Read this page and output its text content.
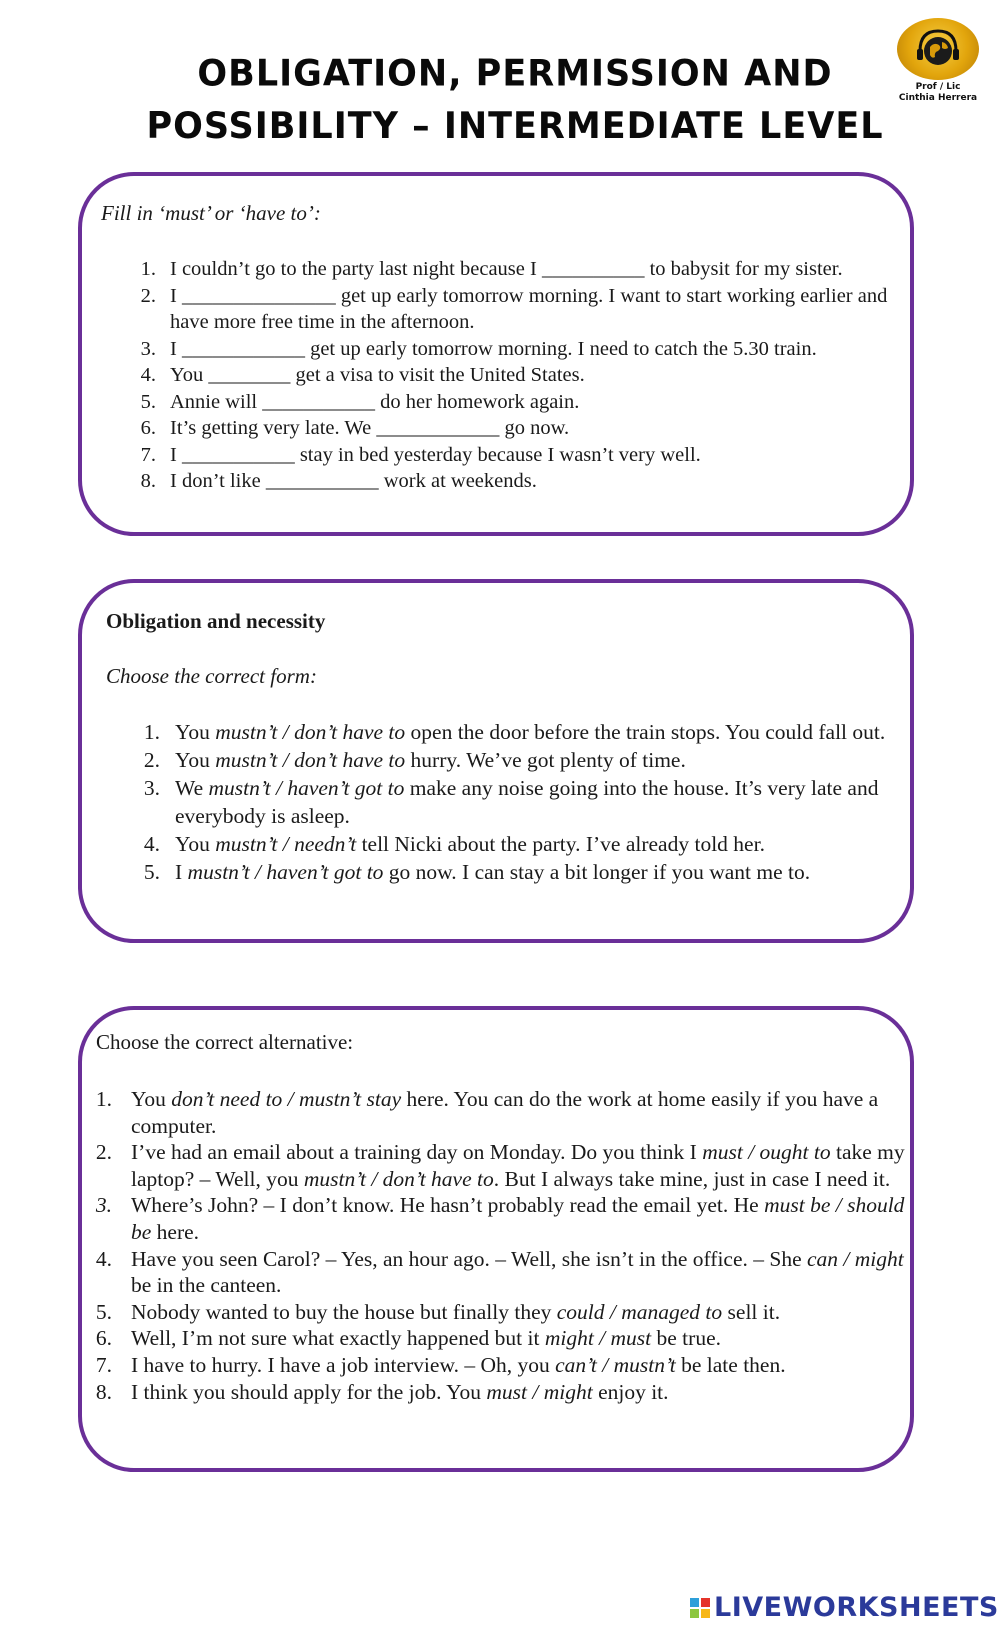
OBLIGATION, PERMISSION AND
POSSIBILITY – INTERMEDIATE LEVEL
Prof / Lic
Cinthia Herrera

Fill in ‘must’ or ‘have to’:

1. I couldn’t go to the party last night because I __________ to babysit for my sister.
2. I _______________ get up early tomorrow morning. I want to start working earlier and have more free time in the afternoon.
3. I ____________ get up early tomorrow morning. I need to catch the 5.30 train.
4. You ________ get a visa to visit the United States.
5. Annie will ___________ do her homework again.
6. It’s getting very late. We ____________ go now.
7. I ___________ stay in bed yesterday because I wasn’t very well.
8. I don’t like ___________ work at weekends.

Obligation and necessity

Choose the correct form:

1. You mustn’t / don’t have to open the door before the train stops. You could fall out.
2. You mustn’t / don’t have to hurry. We’ve got plenty of time.
3. We mustn’t / haven’t got to make any noise going into the house. It’s very late and everybody is asleep.
4. You mustn’t / needn’t tell Nicki about the party. I’ve already told her.
5. I mustn’t / haven’t got to go now. I can stay a bit longer if you want me to.

Choose the correct alternative:

1. You don’t need to / mustn’t stay here. You can do the work at home easily if you have a computer.
2. I’ve had an email about a training day on Monday. Do you think I must / ought to take my laptop? – Well, you mustn’t / don’t have to. But I always take mine, just in case I need it.
3. Where’s John? – I don’t know. He hasn’t probably read the email yet. He must be / should be here.
4. Have you seen Carol? – Yes, an hour ago. – Well, she isn’t in the office. – She can / might be in the canteen.
5. Nobody wanted to buy the house but finally they could / managed to sell it.
6. Well, I’m not sure what exactly happened but it might / must be true.
7. I have to hurry. I have a job interview. – Oh, you can’t / mustn’t be late then.
8. I think you should apply for the job. You must / might enjoy it.
LIVEWORKSHEETS
